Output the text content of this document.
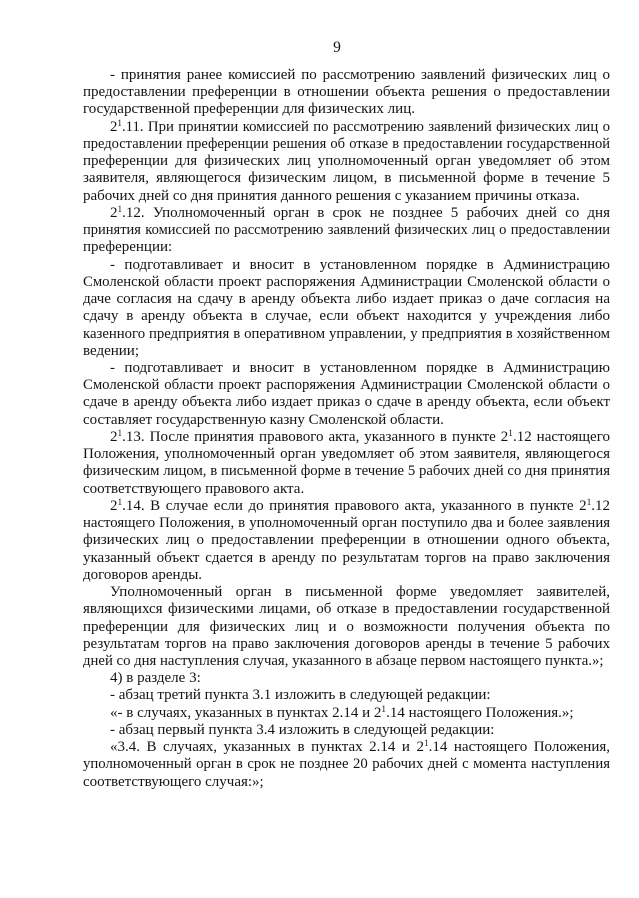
9
- принятия ранее комиссией по рассмотрению заявлений физических лиц о
предоставлении преференции в отношении объекта решения о предоставлении
государственной преференции для физических лиц.
$2^1.11$. При принятии комиссией по рассмотрению заявлений физических лиц о
предоставлении преференции решения об отказе в предоставлении государственной
преференции для физических лиц уполномоченный орган уведомляет об этом
заявителя, являющегося физическим лицом, в письменной форме в течение 5
рабочих дней со дня принятия данного решения с указанием причины отказа.
$2^1.12$. Уполномоченный орган в срок не позднее 5 рабочих дней со дня
принятия комиссией по рассмотрению заявлений физических лиц о предоставлении
преференции:
- подготавливает и вносит в установленном порядке в Администрацию
Смоленской области проект распоряжения Администрации Смоленской области о
даче согласия на сдачу в аренду объекта либо издает приказ о даче согласия на
сдачу в аренду объекта в случае, если объект находится у учреждения либо
казенного предприятия в оперативном управлении, у предприятия в хозяйственном
ведении;
- подготавливает и вносит в установленном порядке в Администрацию
Смоленской области проект распоряжения Администрации Смоленской области о
сдаче в аренду объекта либо издает приказ о сдаче в аренду объекта, если объект
составляет государственную казну Смоленской области.
$2^1.13$. После принятия правового акта, указанного в пункте $2^1.12$ настоящего
Положения, уполномоченный орган уведомляет об этом заявителя, являющегося
физическим лицом, в письменной форме в течение 5 рабочих дней со дня принятия
соответствующего правового акта.
$2^1.14$. В случае если до принятия правового акта, указанного в пункте $2^1.12$
настоящего Положения, в уполномоченный орган поступило два и более заявления
физических лиц о предоставлении преференции в отношении одного объекта,
указанный объект сдается в аренду по результатам торгов на право заключения
договоров аренды.
Уполномоченный орган в письменной форме уведомляет заявителей,
являющихся физическими лицами, об отказе в предоставлении государственной
преференции для физических лиц и о возможности получения объекта по
результатам торгов на право заключения договоров аренды в течение 5 рабочих
дней со дня наступления случая, указанного в абзаце первом настоящего пункта.»;
4) в разделе 3:
- абзац третий пункта 3.1 изложить в следующей редакции:
«- в случаях, указанных в пунктах 2.14 и $2^1.14$ настоящего Положения.»;
- абзац первый пункта 3.4 изложить в следующей редакции:
«3.4. В случаях, указанных в пунктах 2.14 и $2^1.14$ настоящего Положения,
уполномоченный орган в срок не позднее 20 рабочих дней с момента наступления
соответствующего случая:»;
